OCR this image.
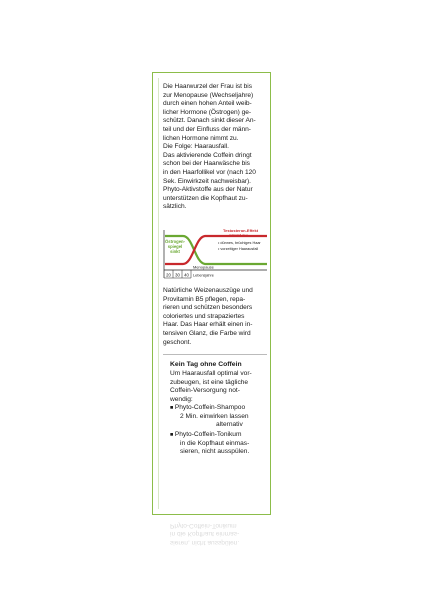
Die Haarwurzel der Frau ist bis
zur Menopause (Wechseljahre)
durch einen hohen Anteil weib-
licher Hormone (Östrogen) ge-
schützt. Danach sinkt dieser An-
teil und der Einfluss der männ-
lichen Hormone nimmt zu.
Die Folge: Haarausfall.
Das aktivierende Coffein dringt
schon bei der Haarwäsche bis
in den Haarfollikel vor (nach 120
Sek. Einwirkzeit nachweisbar).
Phyto-Aktivstoffe aus der Natur
unterstützen die Kopfhaut zu-
sätzlich.
Östrogen-
spiegel
sinkt
Testosteron-Effekt
nimmt zu:
• dünnes, brüchiges Haar
• vorzeitiger Haarausfall
Menopause
20 30 40 Lebensjahre
Natürliche Weizenauszüge und
Provitamin B5 pflegen, repa-
rieren und schützen besonders
coloriertes und strapaziertes
Haar. Das Haar erhält einen in-
tensiven Glanz, die Farbe wird
geschont.
Kein Tag ohne Coffein
Um Haarausfall optimal vor-
zubeugen, ist eine tägliche
Coffein-Versorgung not-
wendig:
■ Phyto-Coffein-Shampoo
2 Min. einwirken lassen
alternativ
■ Phyto-Coffein-Tonikum
in die Kopfhaut einmas-
sieren, nicht ausspülen.
sieren, nicht ausspülen.
in die Kopfhaut einmas-
Phyto-Coffein-Tonikum
